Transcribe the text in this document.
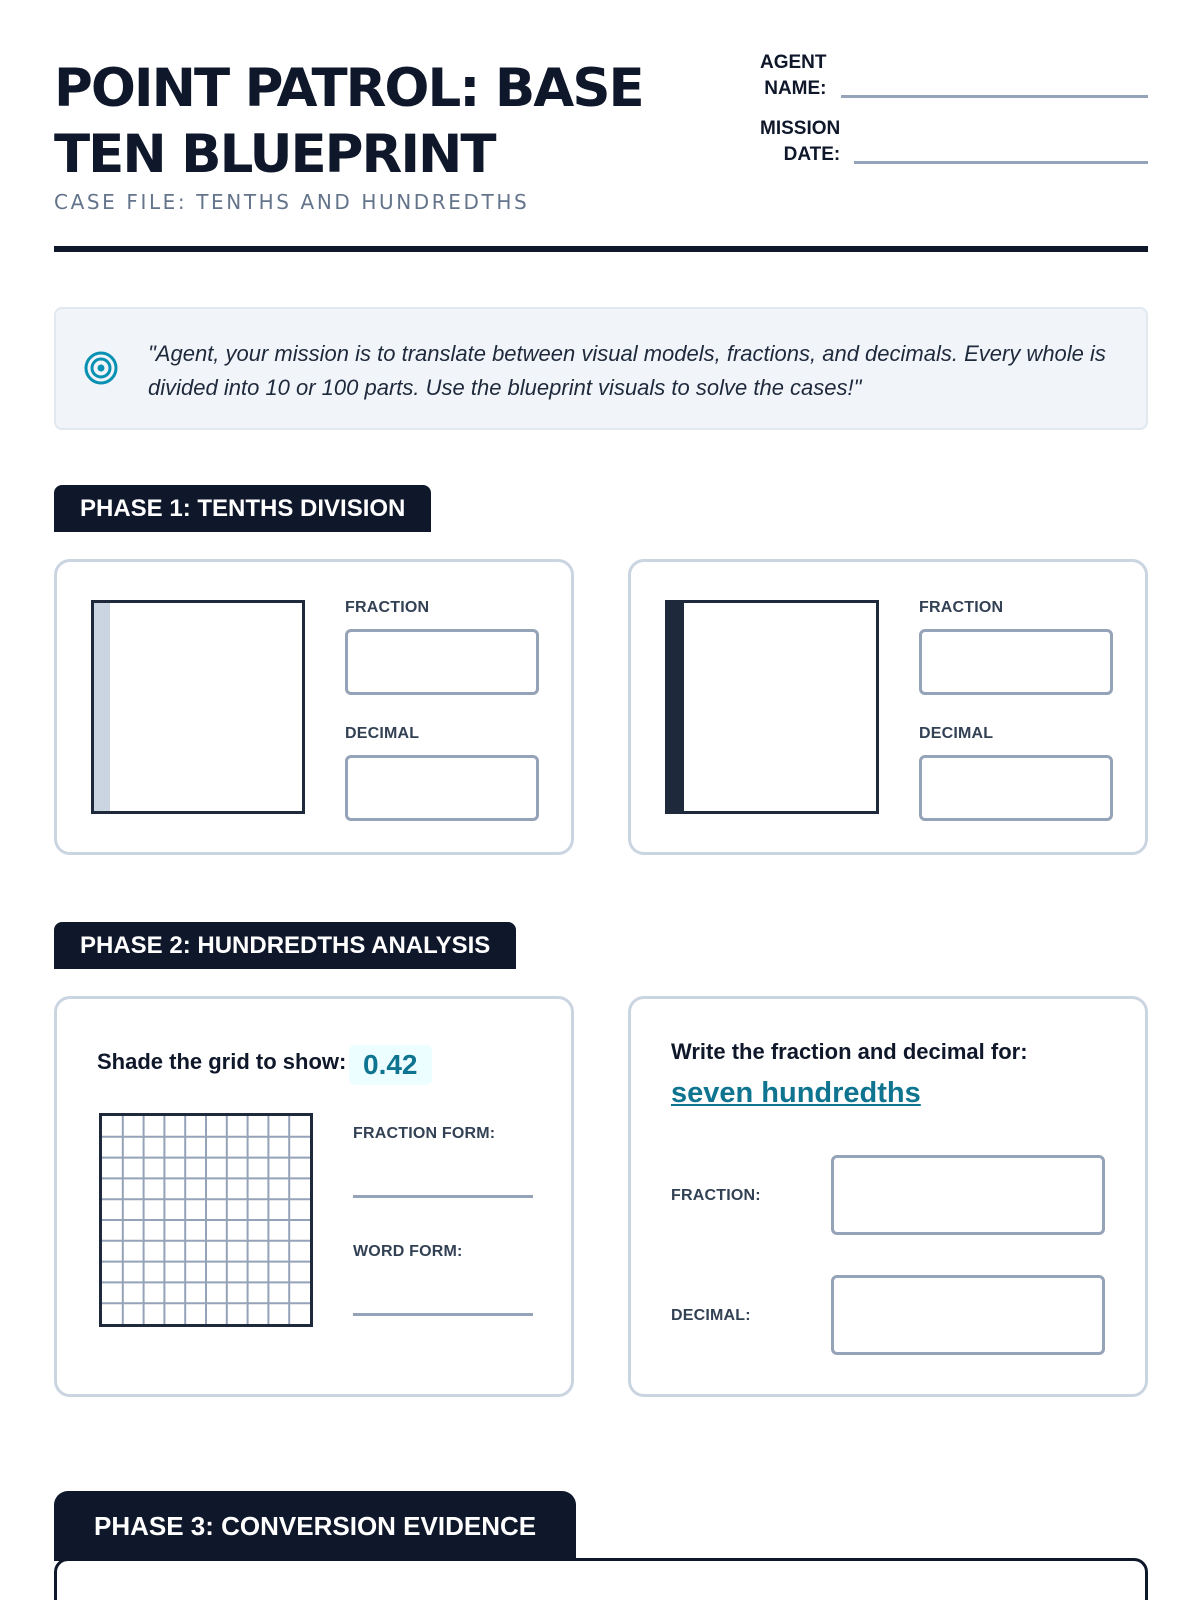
POINT PATROL: BASE TEN BLUEPRINT
CASE FILE: TENTHS AND HUNDREDTHS
AGENT
NAME:
MISSION
DATE:
"Agent, your mission is to translate between visual models, fractions, and decimals. Every whole is divided into 10 or 100 parts. Use the blueprint visuals to solve the cases!"
PHASE 1: TENTHS DIVISION
FRACTION
DECIMAL
FRACTION
DECIMAL
PHASE 2: HUNDREDTHS ANALYSIS
Shade the grid to show: 0.42
FRACTION FORM:
WORD FORM:
Write the fraction and decimal for:
seven hundredths
FRACTION:
DECIMAL:
PHASE 3: CONVERSION EVIDENCE
